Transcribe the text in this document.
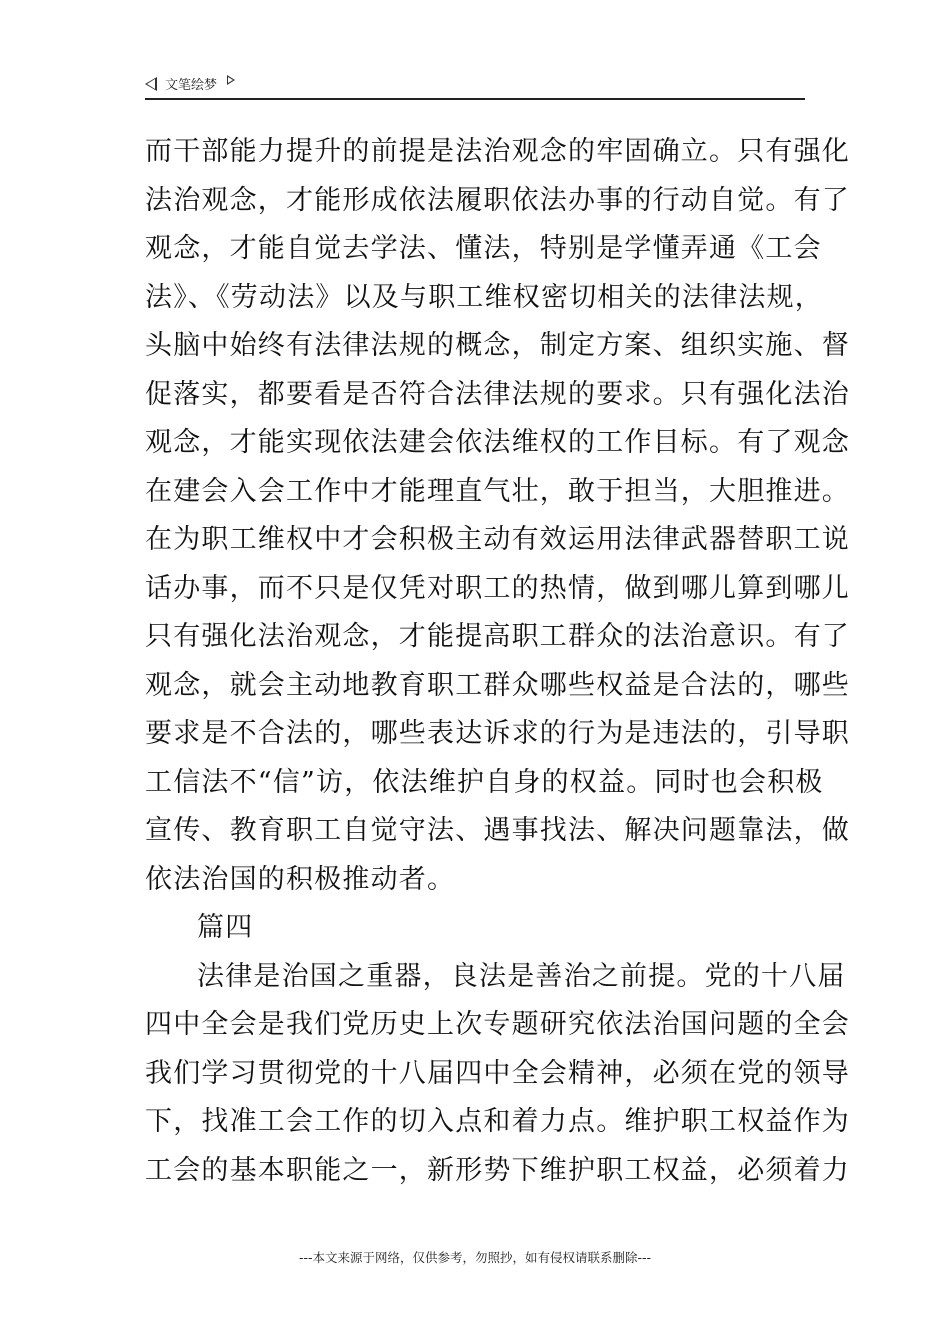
文笔绘梦
而干部能力提升的前提是法治观念的牢固确立。只有强化
法治观念，才能形成依法履职依法办事的行动自觉。有了
观念，才能自觉去学法、懂法，特别是学懂弄通《工会
法》、《劳动法》以及与职工维权密切相关的法律法规，
头脑中始终有法律法规的概念，制定方案、组织实施、督
促落实，都要看是否符合法律法规的要求。只有强化法治
观念，才能实现依法建会依法维权的工作目标。有了观念
在建会入会工作中才能理直气壮，敢于担当，大胆推进。
在为职工维权中才会积极主动有效运用法律武器替职工说
话办事，而不只是仅凭对职工的热情，做到哪儿算到哪儿
只有强化法治观念，才能提高职工群众的法治意识。有了
观念，就会主动地教育职工群众哪些权益是合法的，哪些
要求是不合法的，哪些表达诉求的行为是违法的，引导职
工信法不“信”访，依法维护自身的权益。同时也会积极
宣传、教育职工自觉守法、遇事找法、解决问题靠法，做
依法治国的积极推动者。
篇四
法律是治国之重器，良法是善治之前提。党的十八届
四中全会是我们党历史上次专题研究依法治国问题的全会
我们学习贯彻党的十八届四中全会精神，必须在党的领导
下，找准工会工作的切入点和着力点。维护职工权益作为
工会的基本职能之一，新形势下维护职工权益，必须着力
---本文来源于网络，仅供参考，勿照抄，如有侵权请联系删除---
